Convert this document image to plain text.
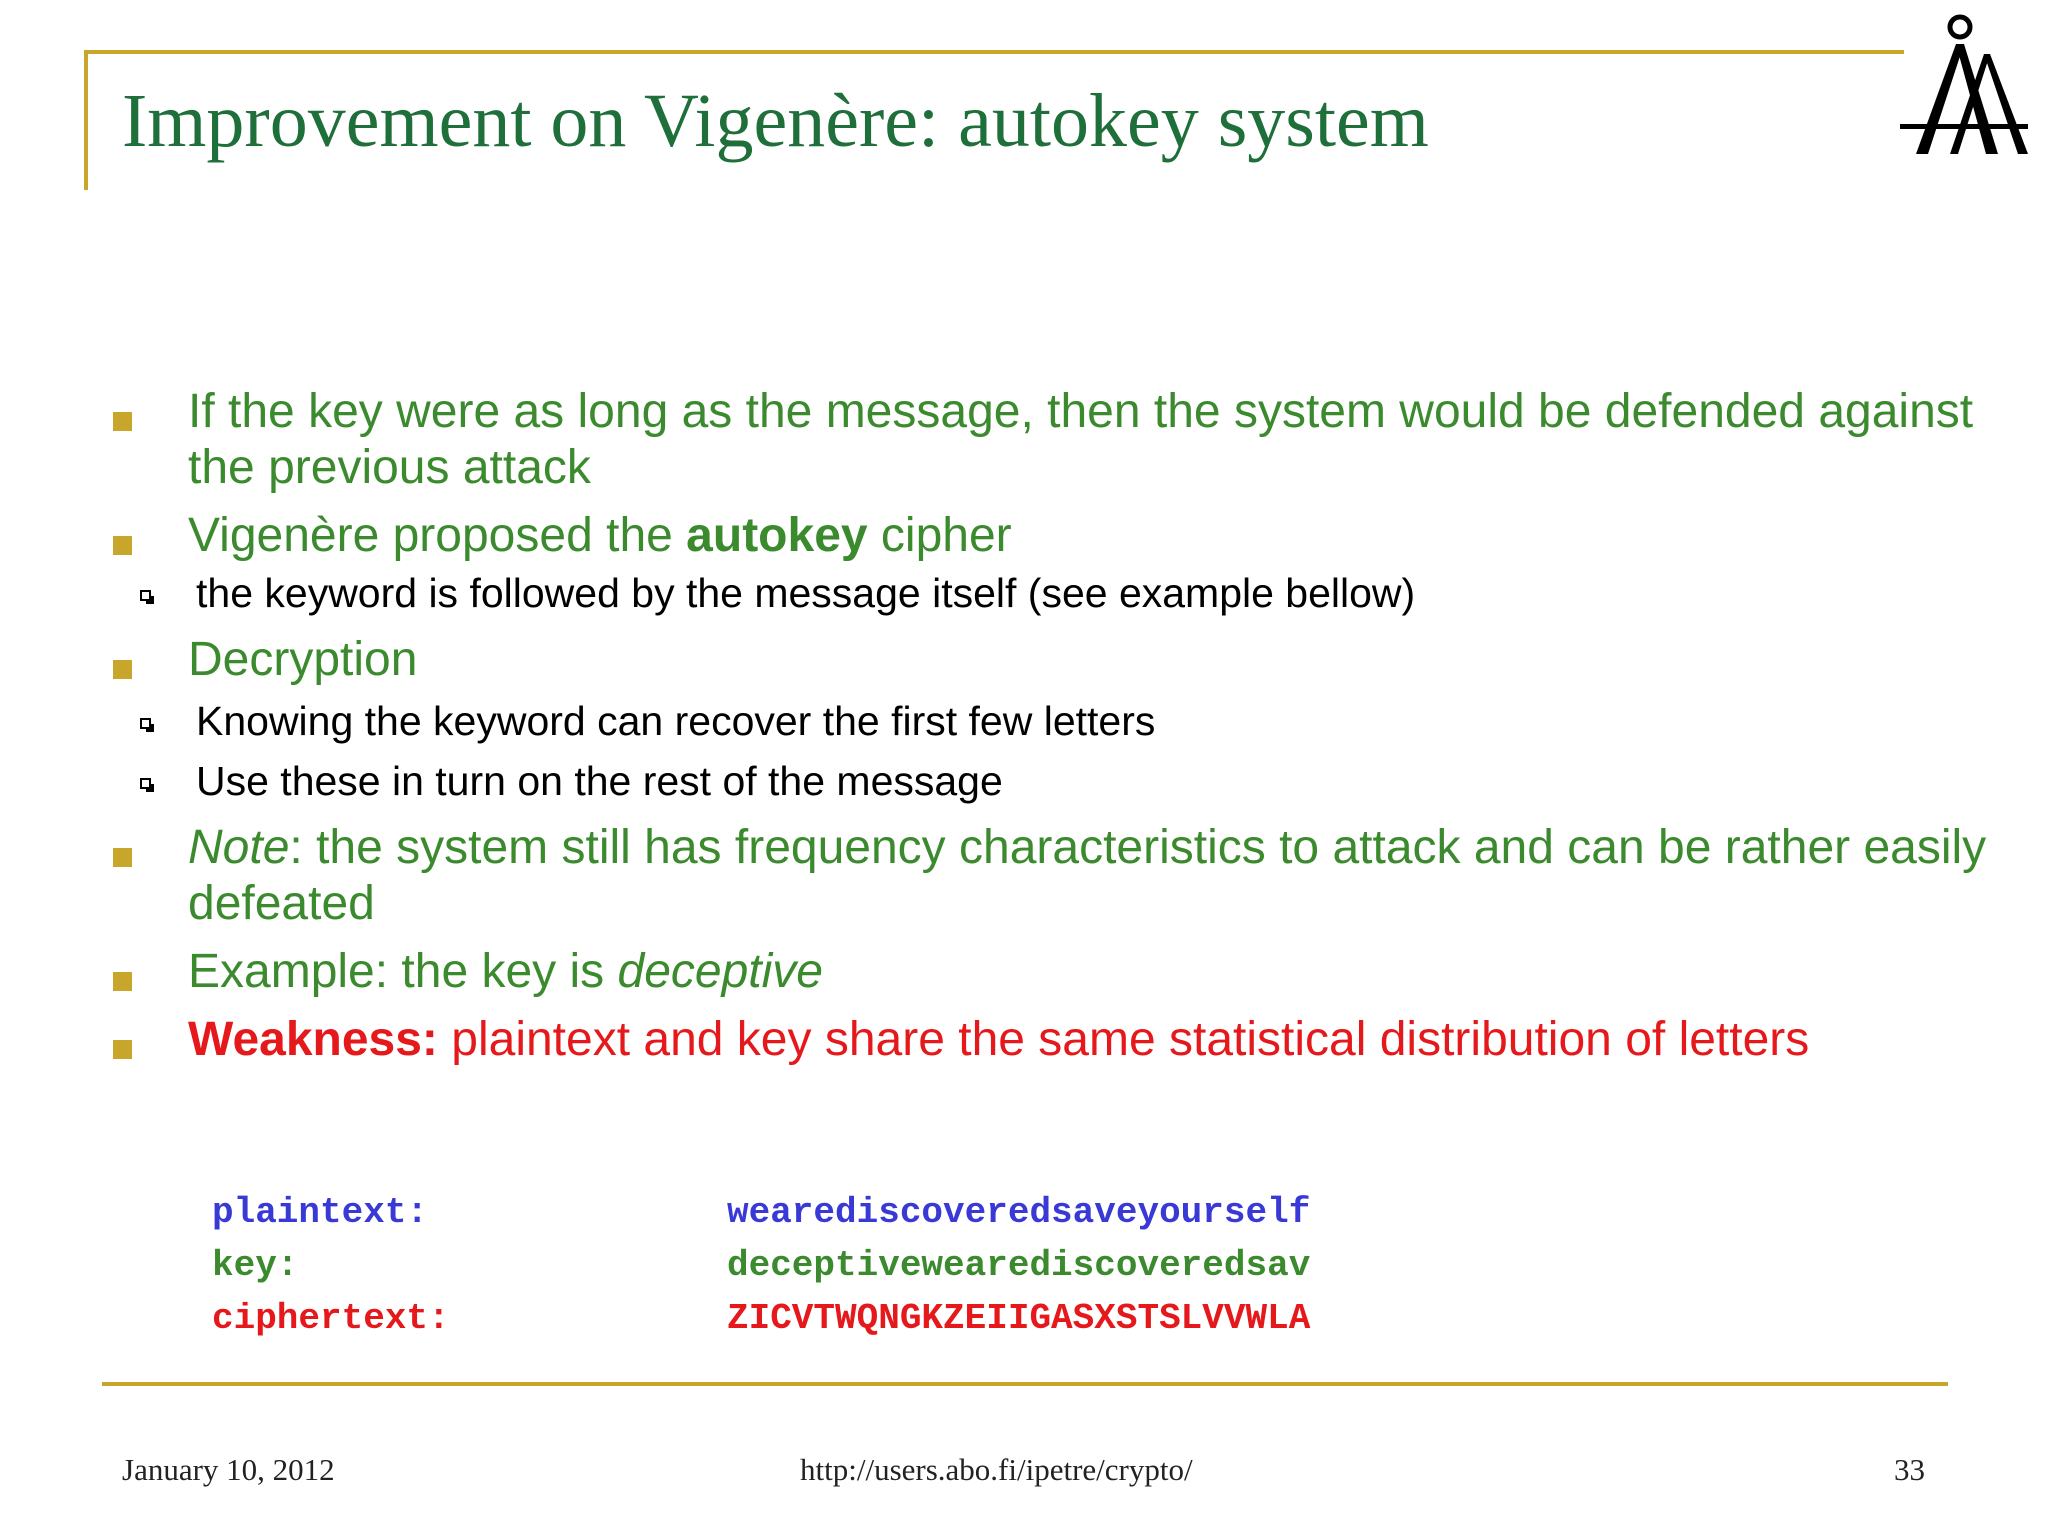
Improvement on Vigenère: autokey system
If the key were as long as the message, then the system would be defended against the previous attack
Vigenère proposed the autokey cipher
the keyword is followed by the message itself (see example bellow)
Decryption
Knowing the keyword can recover the first few letters
Use these in turn on the rest of the message
Note: the system still has frequency characteristics to attack and can be rather easily defeated
Example: the key is deceptive
Weakness: plaintext and key share the same statistical distribution of letters
plaintext:	wearediscoveredsaveyourself
key:	deceptivewearediscoveredsav
ciphertext:	ZICVTWQNGKZEIIGASXSTSLVVWLA
January 10, 2012	http://users.abo.fi/ipetre/crypto/	33
